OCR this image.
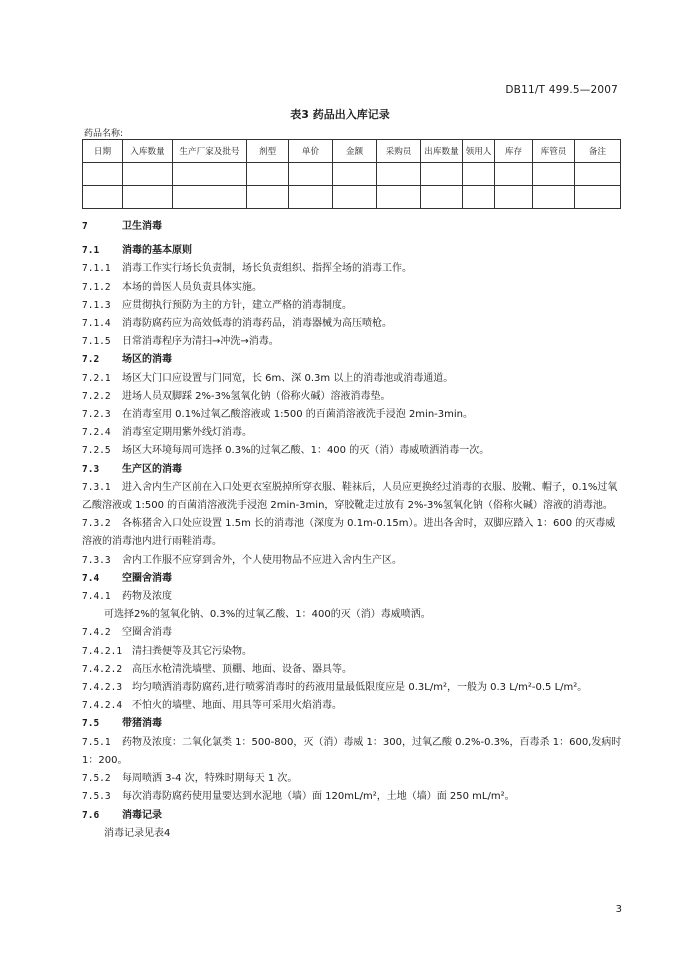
DB11/T 499.5—2007
表3 药品出入库记录
药品名称:
日期	入库数量	生产厂家及批号	剂型	单价	金额	采购员	出库数量	领用人	库存	库管员	备注

7	卫生消毒
7.1 消毒的基本原则
7.1.1 消毒工作实行场长负责制，场长负责组织、指挥全场的消毒工作。
7.1.2 本场的兽医人员负责具体实施。
7.1.3 应贯彻执行预防为主的方针，建立严格的消毒制度。
7.1.4 消毒防腐药应为高效低毒的消毒药品，消毒器械为高压喷枪。
7.1.5 日常消毒程序为清扫→冲洗→消毒。
7.2 场区的消毒
7.2.1 场区大门口应设置与门同宽，长 6m、深 0.3m 以上的消毒池或消毒通道。
7.2.2 进场人员双脚踩 2%-3%氢氧化钠（俗称火碱）溶液消毒垫。
7.2.3 在消毒室用 0.1%过氧乙酸溶液或 1:500 的百菌消溶液洗手浸泡 2min-3min。
7.2.4 消毒室定期用紫外线灯消毒。
7.2.5 场区大环境每周可选择 0.3%的过氧乙酸、1：400 的灭（消）毒威喷洒消毒一次。
7.3 生产区的消毒
7.3.1 进入舍内生产区前在入口处更衣室脱掉所穿衣服、鞋袜后，人员应更换经过消毒的衣服、胶靴、帽子，0.1%过氧乙酸溶液或 1:500 的百菌消溶液洗手浸泡 2min-3min，穿胶靴走过放有 2%-3%氢氧化钠（俗称火碱）溶液的消毒池。
7.3.2 各栋猪舍入口处应设置 1.5m 长的消毒池（深度为 0.1m-0.15m）。进出各舍时，双脚应踏入 1：600 的灭毒威溶液的消毒池内进行雨鞋消毒。
7.3.3 舍内工作服不应穿到舍外，个人使用物品不应进入舍内生产区。
7.4 空圈舍消毒
7.4.1 药物及浓度
可选择2%的氢氧化钠、0.3%的过氧乙酸、1：400的灭（消）毒威喷洒。
7.4.2 空圈舍消毒
7.4.2.1 清扫粪便等及其它污染物。
7.4.2.2 高压水枪清洗墙壁、顶棚、地面、设备、器具等。
7.4.2.3 均匀喷洒消毒防腐药,进行喷雾消毒时的药液用量最低限度应是 0.3L/m²，一般为 0.3 L/m²-0.5 L/m²。
7.4.2.4 不怕火的墙壁、地面、用具等可采用火焰消毒。
7.5 带猪消毒
7.5.1 药物及浓度：二氧化氯类 1：500-800，灭（消）毒威 1：300，过氧乙酸 0.2%-0.3%，百毒杀 1：600,发病时 1：200。
7.5.2 每周喷洒 3-4 次，特殊时期每天 1 次。
7.5.3 每次消毒防腐药使用量要达到水泥地（墙）面 120mL/m²，土地（墙）面 250 mL/m²。
7.6 消毒记录
消毒记录见表4
3
